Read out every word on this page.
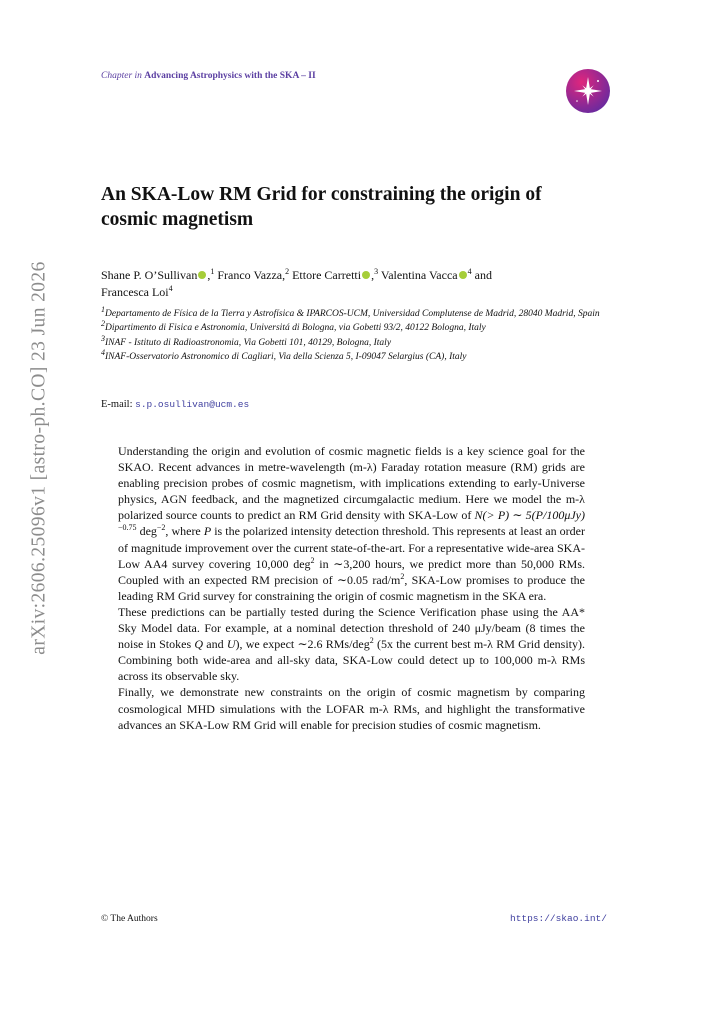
arXiv:2606.25096v1 [astro-ph.CO] 23 Jun 2026
Chapter in Advancing Astrophysics with the SKA – II
An SKA-Low RM Grid for constraining the origin of cosmic magnetism
Shane P. O’Sullivan ,$^1$ Franco Vazza,$^2$ Ettore Carretti ,$^3$ Valentina Vacca $^4$ and
Francesca Loi$^4$
$^1$Departamento de Física de la Tierra y Astrofísica & IPARCOS-UCM, Universidad Complutense de Madrid, 28040 Madrid, Spain
$^2$Dipartimento di Fisica e Astronomia, Universitá di Bologna, via Gobetti 93/2, 40122 Bologna, Italy
$^3$INAF - Istituto di Radioastronomia, Via Gobetti 101, 40129, Bologna, Italy
$^4$INAF-Osservatorio Astronomico di Cagliari, Via della Scienza 5, I-09047 Selargius (CA), Italy
E-mail: s.p.osullivan@ucm.es

Understanding the origin and evolution of cosmic magnetic fields is a key science goal for the SKAO. Recent advances in metre-wavelength (m-λ) Faraday rotation measure (RM) grids are enabling precision probes of cosmic magnetism, with implications extending to early-Universe physics, AGN feedback, and the magnetized circumgalactic medium. Here we model the m-λ polarized source counts to predict an RM Grid density with SKA-Low of N(> P) ∼ $5(P/100\mu Jy)^{-0.75}$ deg$^{-2}$, where P is the polarized intensity detection threshold. This represents at least an order of magnitude improvement over the current state-of-the-art. For a representative wide-area SKA-Low AA4 survey covering 10,000 deg$^2$ in ∼3,200 hours, we predict more than 50,000 RMs. Coupled with an expected RM precision of ∼0.05 rad/$m^2$, SKA-Low promises to produce the leading RM Grid survey for constraining the origin of cosmic magnetism in the SKA era.

These predictions can be partially tested during the Science Verification phase using the AA* Sky Model data. For example, at a nominal detection threshold of 240 μJy/beam (8 times the noise in Stokes Q and U), we expect ∼2.6 RMs/deg$^2$ (5x the current best m-λ RM Grid density). Combining both wide-area and all-sky data, SKA-Low could detect up to 100,000 m-λ RMs across its observable sky.

Finally, we demonstrate new constraints on the origin of cosmic magnetism by comparing cosmological MHD simulations with the LOFAR m-λ RMs, and highlight the transformative advances an SKA-Low RM Grid will enable for precision studies of cosmic magnetism.

© The Authors	https://skao.int/
